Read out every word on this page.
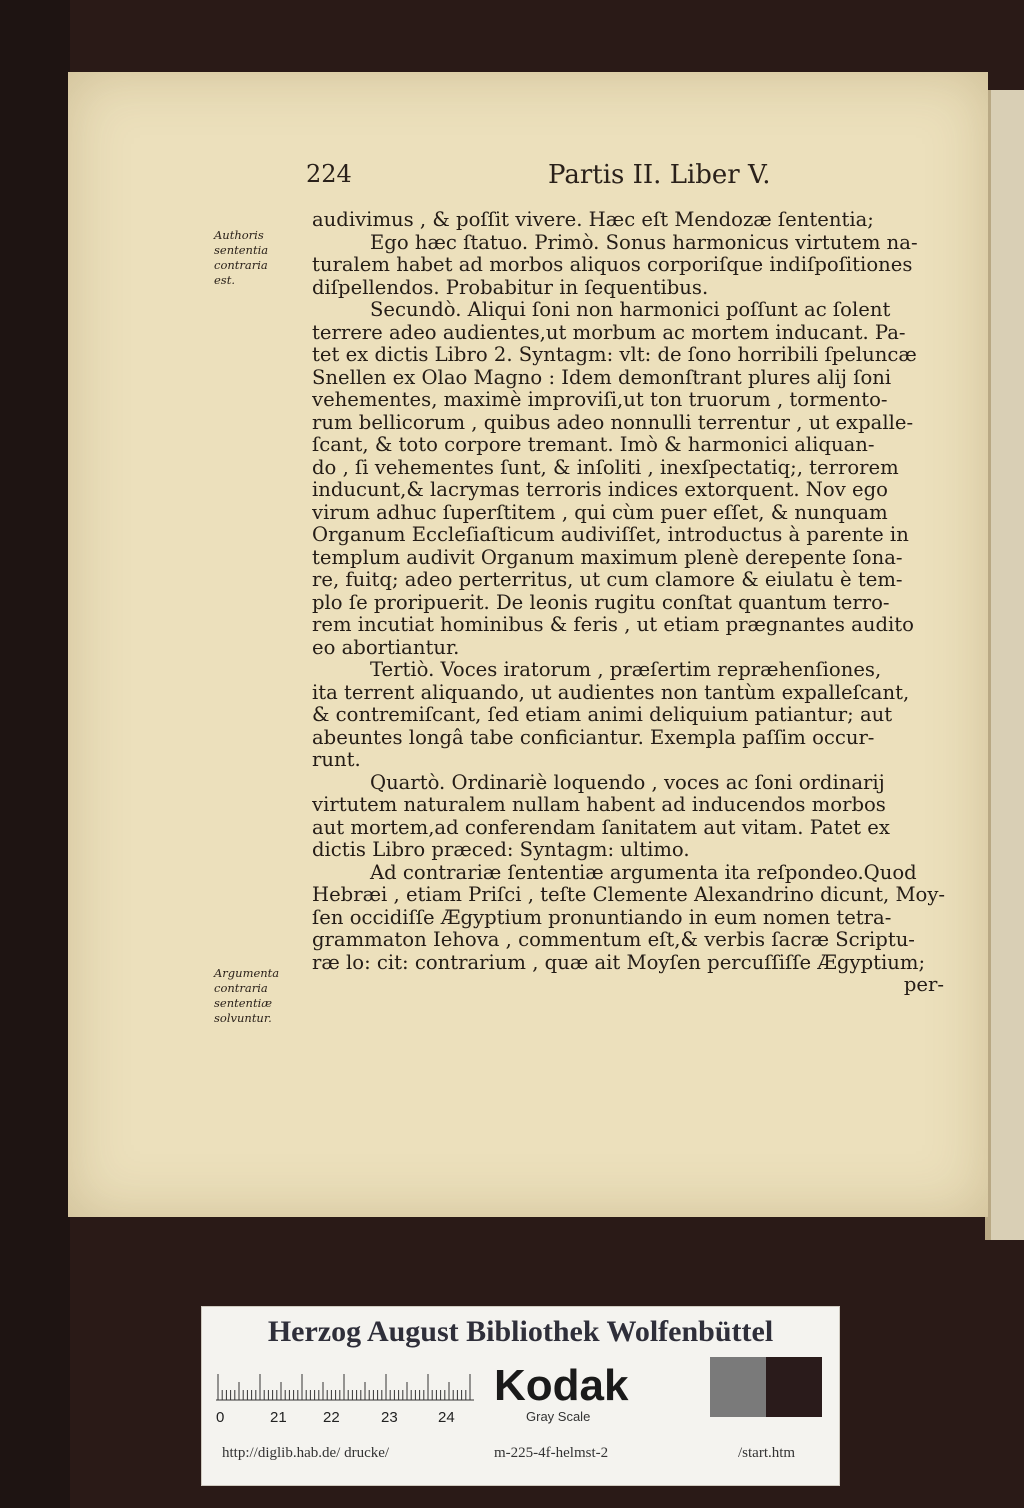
224	Partis II. Liber V.
Authoris sententia contraria est.
Argumenta contraria sententiæ solvuntur.
audivimus , & poſſit vivere. Hæc eſt Mendozæ ſententia;
Ego hæc ſtatuo. Primò. Sonus harmonicus virtutem na-
turalem habet ad morbos aliquos corporiſque indiſpoſitiones
diſpellendos. Probabitur in ſequentibus.
Secundò. Aliqui ſoni non harmonici poſſunt ac ſolent
terrere adeo audientes,ut morbum ac mortem inducant. Pa-
tet ex dictis Libro 2. Syntagm: vlt: de ſono horribili ſpeluncæ
Snellen ex Olao Magno : Idem demonſtrant plures alij ſoni
vehementes, maximè improviſi,ut ton truorum , tormento-
rum bellicorum , quibus adeo nonnulli terrentur , ut expalle-
ſcant, & toto corpore tremant. Imò & harmonici aliquan-
do , ſi vehementes ſunt, & inſoliti , inexſpectatiq;, terrorem
inducunt,& lacrymas terroris indices extorquent. Nov ego
virum adhuc ſuperſtitem , qui cùm puer eſſet, & nunquam
Organum Eccleſiaſticum audiviſſet, introductus à parente in
templum audivit Organum maximum plenè derepente ſona-
re, fuitq; adeo perterritus, ut cum clamore & eiulatu è tem-
plo ſe proripuerit. De leonis rugitu conſtat quantum terro-
rem incutiat hominibus & feris , ut etiam prægnantes audito
eo abortiantur.
Tertiò. Voces iratorum , præſertim repræhenſiones,
ita terrent aliquando, ut audientes non tantùm expalleſcant,
& contremiſcant, ſed etiam animi deliquium patiantur; aut
abeuntes longâ tabe conficiantur. Exempla paſſim occur-
runt.
Quartò. Ordinariè loquendo , voces ac ſoni ordinarij
virtutem naturalem nullam habent ad inducendos morbos
aut mortem,ad conferendam ſanitatem aut vitam. Patet ex
dictis Libro præced: Syntagm: ultimo.
Ad contrariæ ſententiæ argumenta ita reſpondeo.Quod
Hebræi , etiam Priſci , teſte Clemente Alexandrino dicunt, Moy-
ſen occidiſſe Ægyptium pronuntiando in eum nomen tetra-
grammaton Iehova , commentum eſt,& verbis ſacræ Scriptu-
ræ lo: cit: contrarium , quæ ait Moyſen percuſſiſſe Ægyptium;
per-
Herzog August Bibliothek Wolfenbüttel
0	21 22	23	24
Kodak
Gray Scale
http://diglib.hab.de/ drucke/	m-225-4f-helmst-2	/start.htm
